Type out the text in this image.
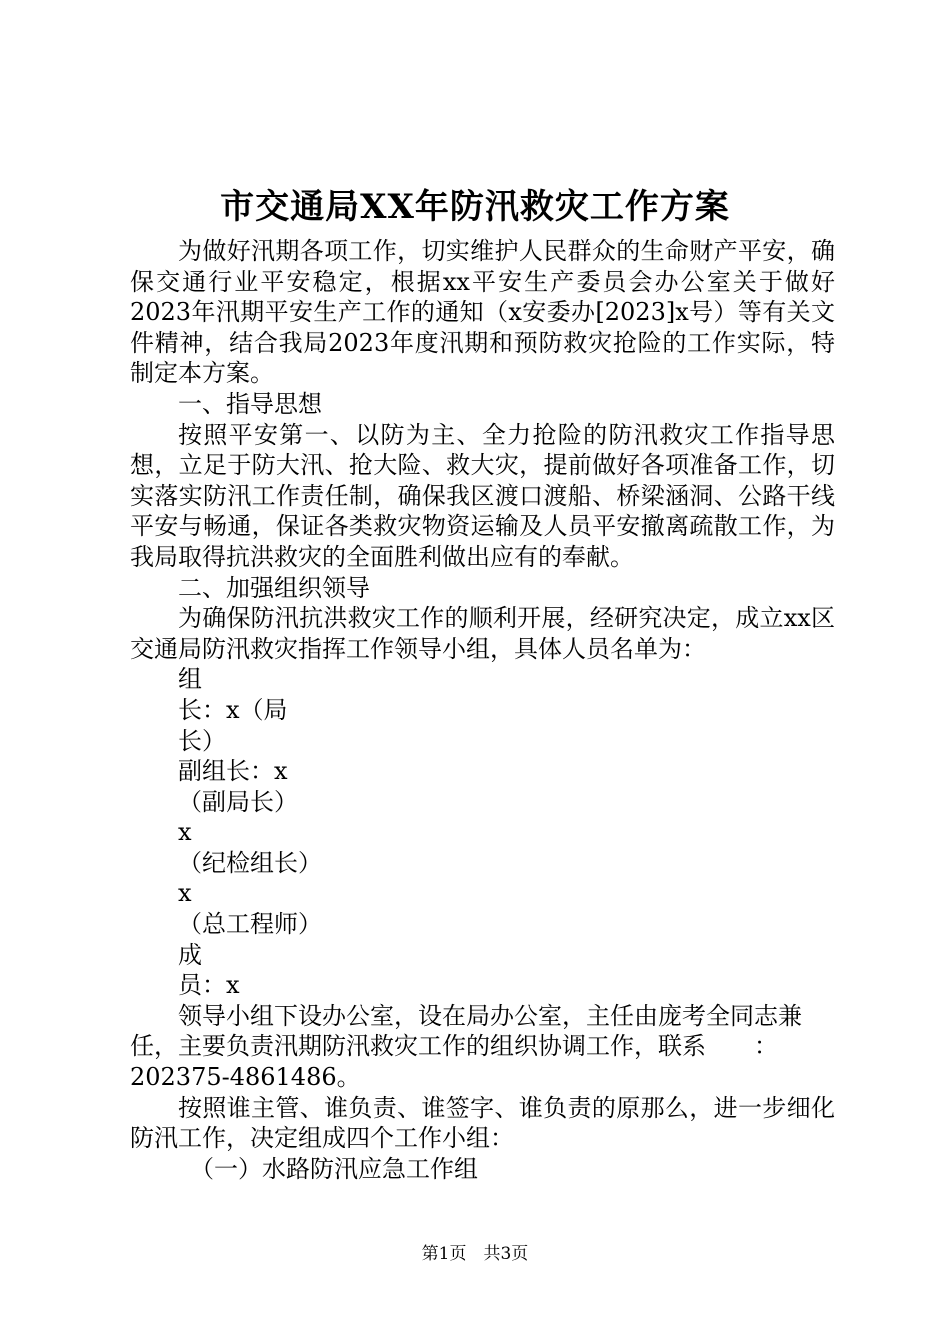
市交通局XX年防汛救灾工作方案

为做好汛期各项工作，切实维护人民群众的生命财产平安，确保交通行业平安稳定，根据xx平安生产委员会办公室关于做好2023年汛期平安生产工作的通知（x安委办[2023]x号）等有关文件精神，结合我局2023年度汛期和预防救灾抢险的工作实际，特制定本方案。

一、指导思想

按照平安第一、以防为主、全力抢险的防汛救灾工作指导思想，立足于防大汛、抢大险、救大灾，提前做好各项准备工作，切实落实防汛工作责任制，确保我区渡口渡船、桥梁涵洞、公路干线平安与畅通，保证各类救灾物资运输及人员平安撤离疏散工作，为我局取得抗洪救灾的全面胜利做出应有的奉献。

二、加强组织领导

为确保防汛抗洪救灾工作的顺利开展，经研究决定，成立xx区交通局防汛救灾指挥工作领导小组，具体人员名单为：

组

长：x（局

长）

副组长：x

（副局长）

x

（纪检组长）

x

（总工程师）

成

员：x

领导小组下设办公室，设在局办公室，主任由庞考全同志兼

任，主要负责汛期防汛救灾工作的组织协调工作，联系　　：

202375-4861486。

按照谁主管、谁负责、谁签字、谁负责的原那么，进一步细化防汛工作，决定组成四个工作小组：

（一）水路防汛应急工作组

第1页　共3页
